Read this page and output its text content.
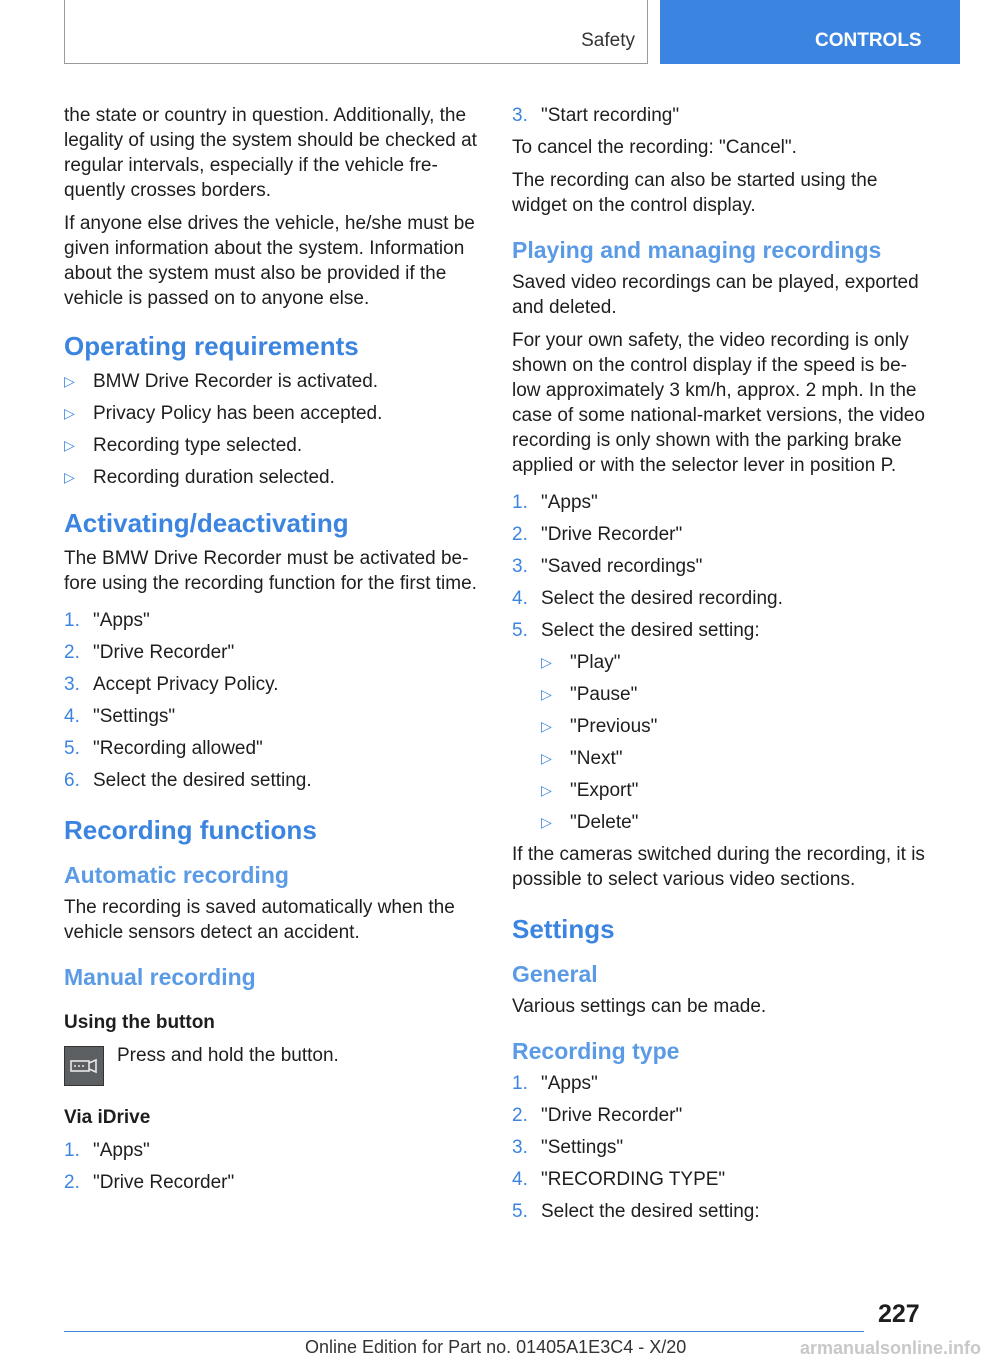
Safety	CONTROLS

the state or country in question. Additionally, the legality of using the system should be checked at regular intervals, especially if the vehicle fre-quently crosses borders.

If anyone else drives the vehicle, he/she must be given information about the system. Information about the system must also be provided if the vehicle is passed on to anyone else.

Operating requirements
▷ BMW Drive Recorder is activated.
▷ Privacy Policy has been accepted.
▷ Recording type selected.
▷ Recording duration selected.
Activating/deactivating

The BMW Drive Recorder must be activated be-fore using the recording function for the first time.

1. "Apps"
2. "Drive Recorder"
3. Accept Privacy Policy.
4. "Settings"
5. "Recording allowed"
6. Select the desired setting.
Recording functions
Automatic recording

The recording is saved automatically when the vehicle sensors detect an accident.

Manual recording
Using the button
Press and hold the button.
Via iDrive
1. "Apps"
2. "Drive Recorder"
3. "Start recording"

To cancel the recording: "Cancel".

The recording can also be started using the widget on the control display.

Playing and managing recordings

Saved video recordings can be played, exported and deleted.

For your own safety, the video recording is only shown on the control display if the speed is be-low approximately 3 km/h, approx. 2 mph. In the case of some national-market versions, the video recording is only shown with the parking brake applied or with the selector lever in position P.

1. "Apps"
2. "Drive Recorder"
3. "Saved recordings"
4. Select the desired recording.
5. Select the desired setting:
▷ "Play"
▷ "Pause"
▷ "Previous"
▷ "Next"
▷ "Export"
▷ "Delete"

If the cameras switched during the recording, it is possible to select various video sections.

Settings
General

Various settings can be made.

Recording type
1. "Apps"
2. "Drive Recorder"
3. "Settings"
4. "RECORDING TYPE"
5. Select the desired setting:
227
Online Edition for Part no. 01405A1E3C4 - X/20	armanualsonline.info
